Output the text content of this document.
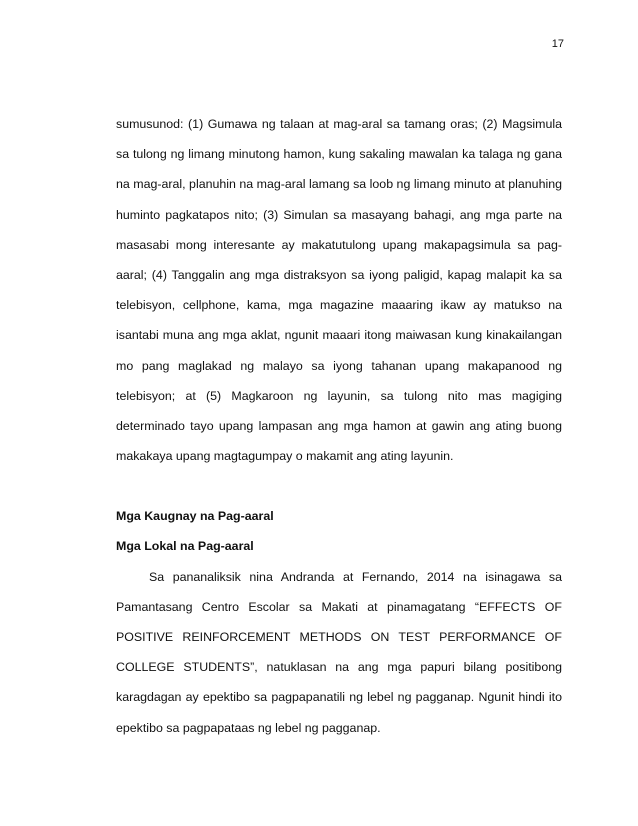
17
sumusunod: (1) Gumawa ng talaan at mag-aral sa tamang oras; (2) Magsimula
sa tulong ng limang minutong hamon, kung sakaling mawalan ka talaga ng gana
na mag-aral, planuhin na mag-aral lamang sa loob ng limang minuto at planuhing
huminto pagkatapos nito; (3) Simulan sa masayang bahagi, ang mga parte na
masasabi mong interesante ay makatutulong upang makapagsimula sa pag-
aaral; (4) Tanggalin ang mga distraksyon sa iyong paligid, kapag malapit ka sa
telebisyon, cellphone, kama, mga magazine maaaring ikaw ay matukso na
isantabi muna ang mga aklat, ngunit maaari itong maiwasan kung kinakailangan
mo pang maglakad ng malayo sa iyong tahanan upang makapanood ng
telebisyon; at (5) Magkaroon ng layunin, sa tulong nito mas magiging
determinado tayo upang lampasan ang mga hamon at gawin ang ating buong
makakaya upang magtagumpay o makamit ang ating layunin.
Mga Kaugnay na Pag-aaral
Mga Lokal na Pag-aaral
Sa pananaliksik nina Andranda at Fernando, 2014 na isinagawa sa
Pamantasang Centro Escolar sa Makati at pinamagatang “EFFECTS OF
POSITIVE REINFORCEMENT METHODS ON TEST PERFORMANCE OF
COLLEGE STUDENTS”, natuklasan na ang mga papuri bilang positibong
karagdagan ay epektibo sa pagpapanatili ng lebel ng pagganap. Ngunit hindi ito
epektibo sa pagpapataas ng lebel ng pagganap.
